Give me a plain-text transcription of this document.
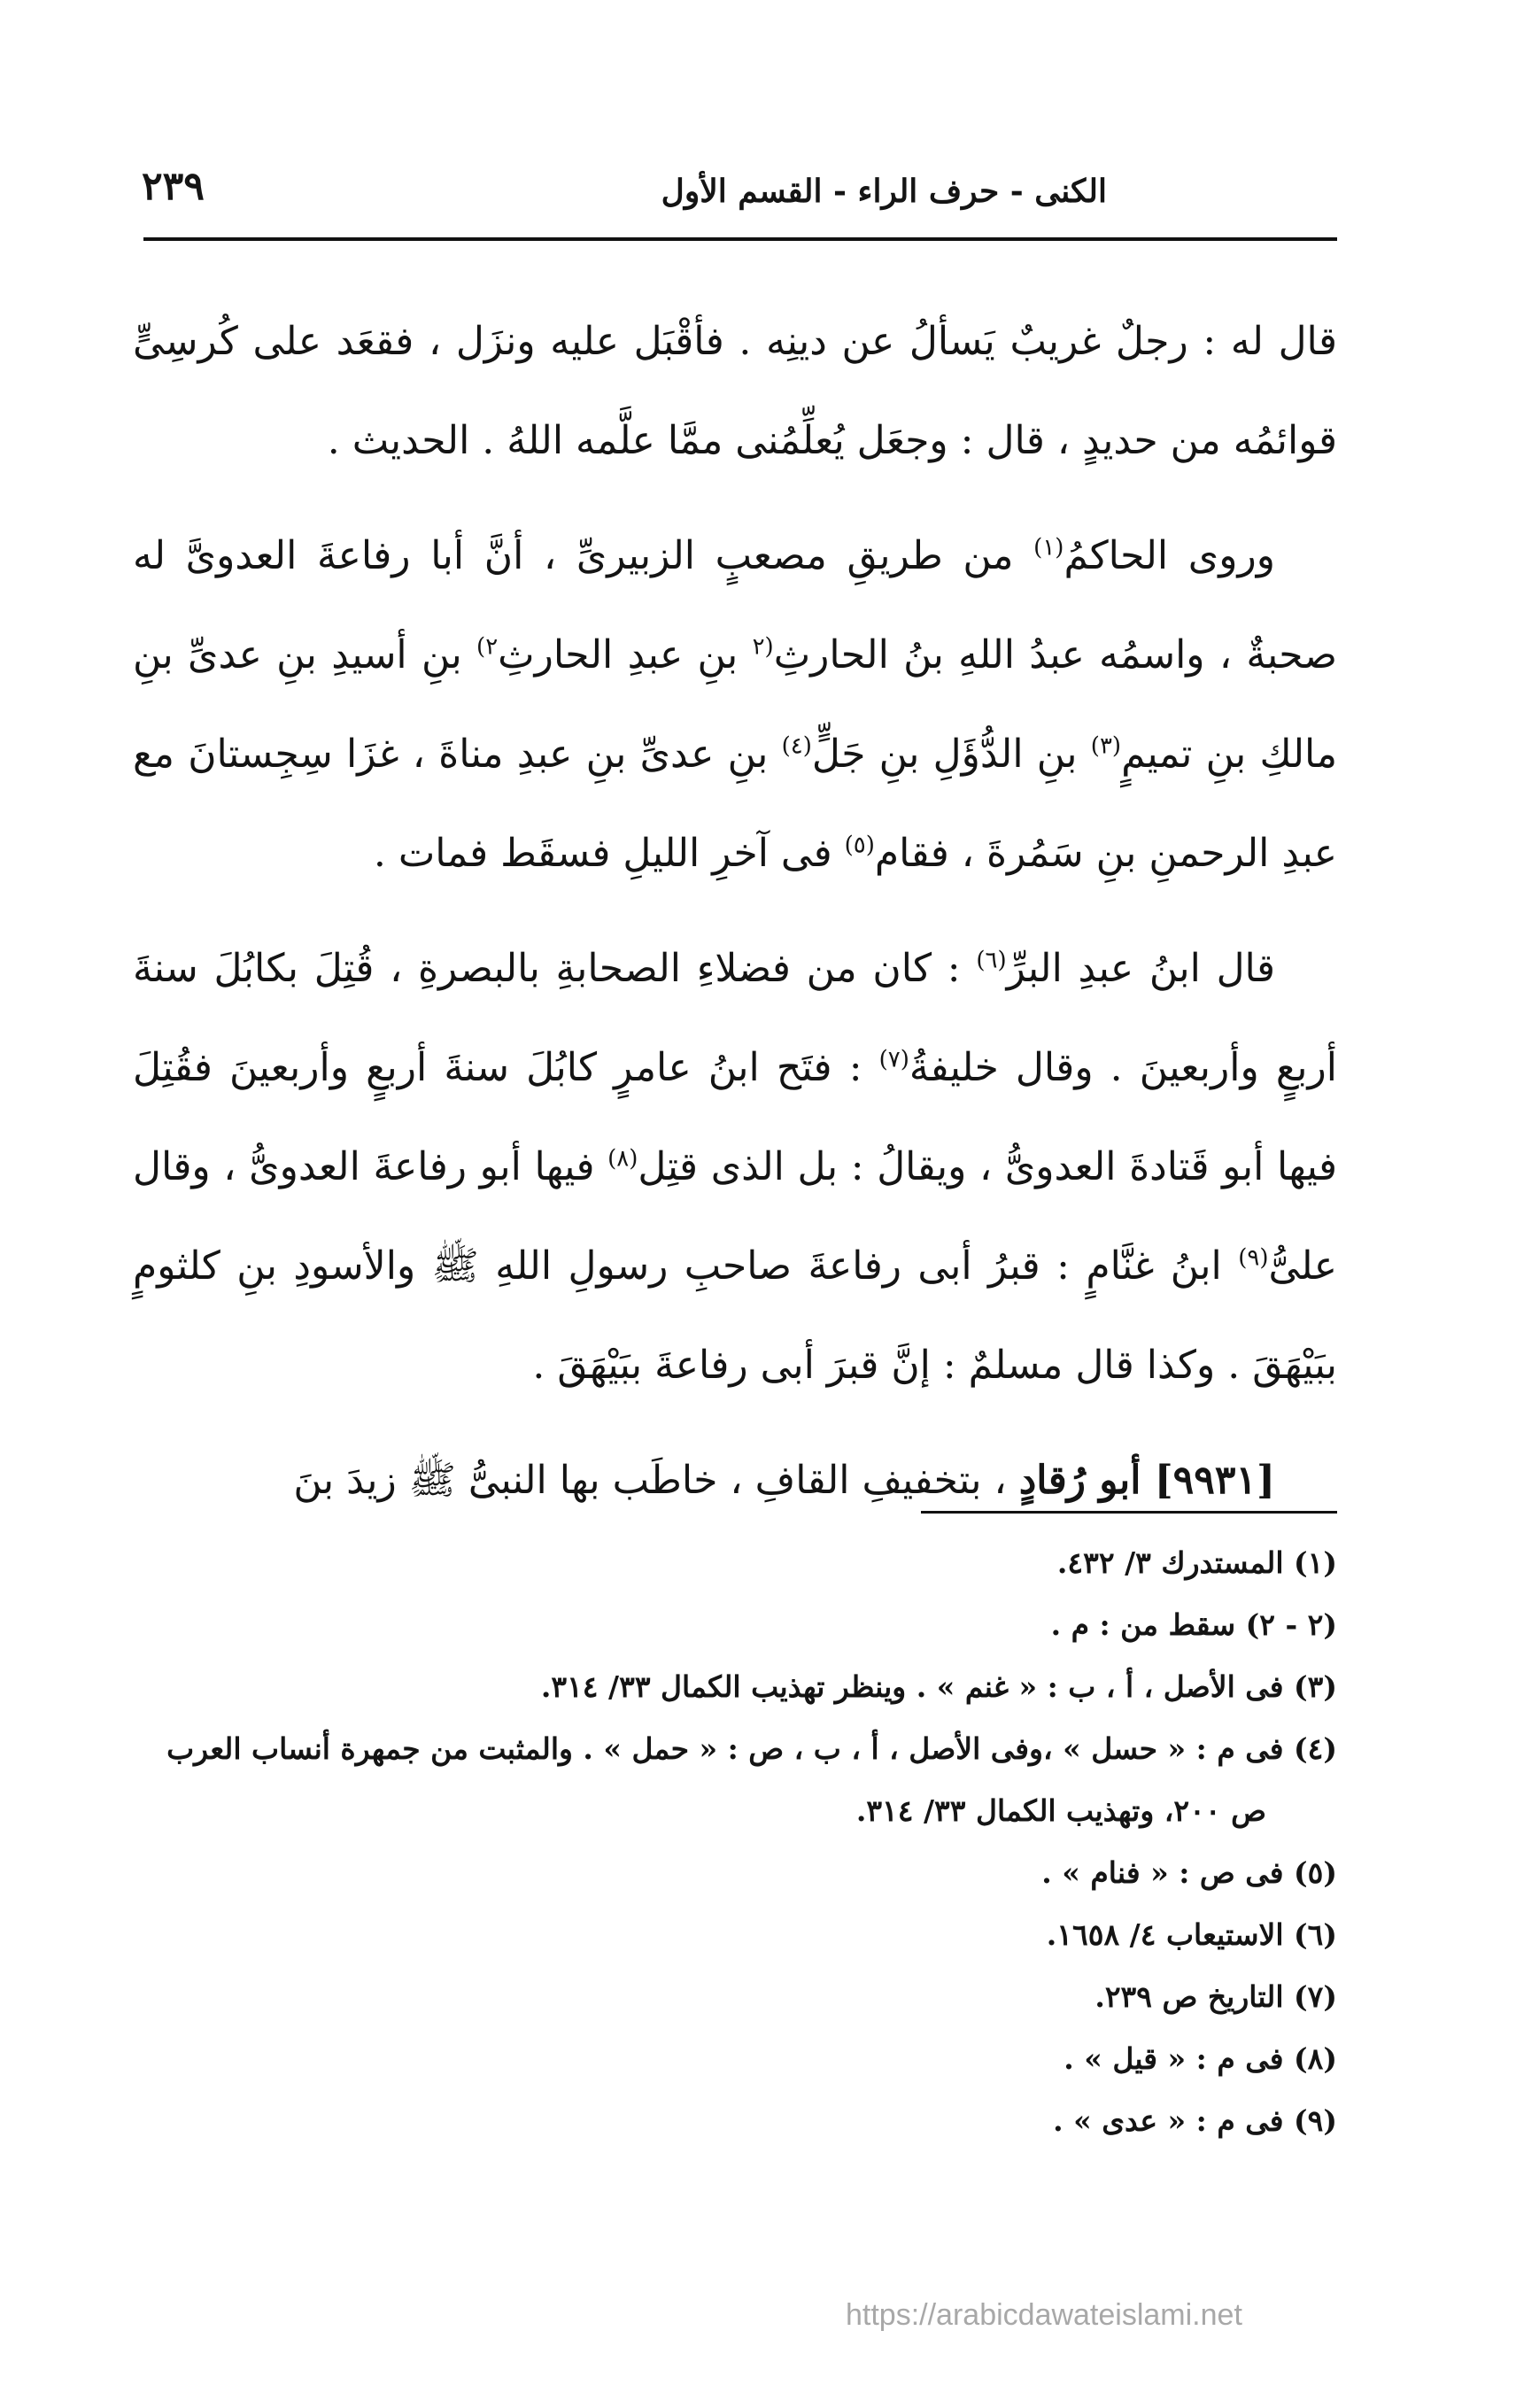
الكنى - حرف الراء - القسم الأول
٢٣٩

قال له : رجلٌ غريبٌ يَسألُ عن دينِه . فأقْبَل عليه ونزَل ، فقعَد على كُرسِىٍّ قوائمُه من حديدٍ ، قال : وجعَل يُعلِّمُنى ممَّا علَّمه اللهُ . الحديث .

وروى الحاكمُ$^{(١)}$ من طريقِ مصعبٍ الزبيرىِّ ، أنَّ أبا رفاعةَ العدوىَّ له صحبةٌ ، واسمُه عبدُ اللهِ بنُ الحارثِ$^{(٢}$ بنِ عبدِ الحارثِ$^{٢)}$ بنِ أسيدِ بنِ عدىِّ بنِ مالكِ بنِ تميمٍ$^{(٣)}$ بنِ الدُّؤَلِ بنِ جَلٍّ$^{(٤)}$ بنِ عدىِّ بنِ عبدِ مناةَ ، غزَا سِجِستانَ مع عبدِ الرحمنِ بنِ سَمُرةَ ، فقام$^{(٥)}$ فى آخرِ الليلِ فسقَط فمات .

قال ابنُ عبدِ البرِّ$^{(٦)}$ : كان من فضلاءِ الصحابةِ بالبصرةِ ، قُتِلَ بكابُلَ سنةَ أربعٍ وأربعينَ . وقال خليفةُ$^{(٧)}$ : فتَح ابنُ عامرٍ كابُلَ سنةَ أربعٍ وأربعينَ فقُتِلَ فيها أبو قَتادةَ العدوىُّ ، ويقالُ : بل الذى قتِل$^{(٨)}$ فيها أبو رفاعةَ العدوىُّ ، وقال علىُّ$^{(٩)}$ ابنُ غنَّامٍ : قبرُ أبى رفاعةَ صاحبِ رسولِ اللهِ ﷺ والأسودِ بنِ كلثومٍ ببَيْهَقَ . وكذا قال مسلمٌ : إنَّ قبرَ أبى رفاعةَ ببَيْهَقَ .

[٩٩٣١] أبو رُقادٍ ، بتخفيفِ القافِ ، خاطَب بها النبىُّ ﷺ زيدَ بنَ

(١) المستدرك ٣/ ٤٣٢.

(٢ - ٢) سقط من : م .

(٣) فى الأصل ، أ ، ب : « غنم » . وينظر تهذيب الكمال ٣٣/ ٣١٤.

(٤) فى م : « حسل » ،وفى الأصل ، أ ، ب ، ص : « حمل » . والمثبت من جمهرة أنساب العرب

ص ٢٠٠، وتهذيب الكمال ٣٣/ ٣١٤.

(٥) فى ص : « فنام » .

(٦) الاستيعاب ٤/ ١٦٥٨.

(٧) التاريخ ص ٢٣٩.

(٨) فى م : « قيل » .

(٩) فى م : « عدى » .

https://arabicdawateislami.net
